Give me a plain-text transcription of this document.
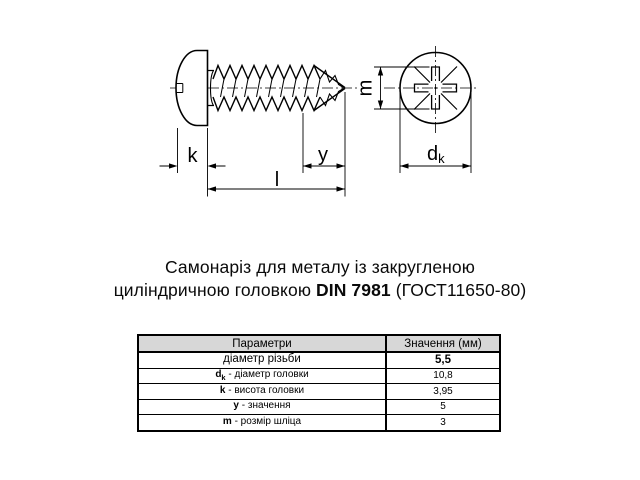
k	y
l
m
dk
Самонаріз для металу із закругленою
циліндричною головкою DIN 7981 (ГОСТ11650-80)
Параметри	Значення (мм)
діаметр різьби	5,5
$d_k$ - діаметр головки	10,8
k - висота головки	3,95
y - значення	5
m - розмір шліца	3
